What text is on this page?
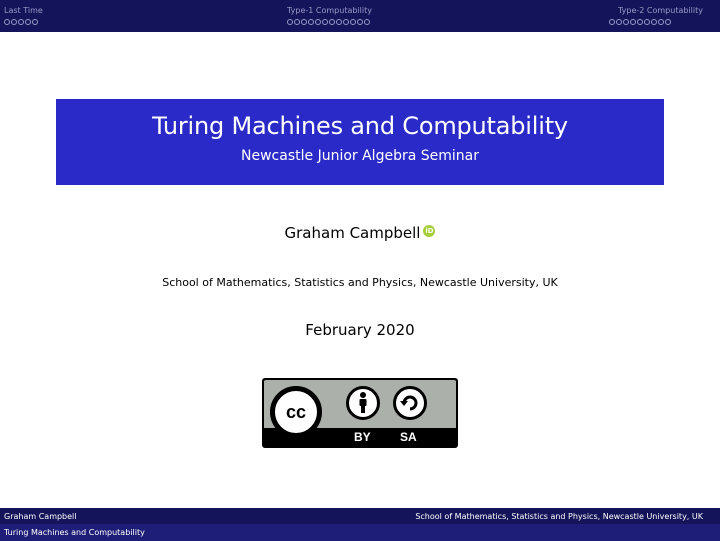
Last Time	Type-1 Computability	Type-2 Computability
Turing Machines and Computability
Newcastle Junior Algebra Seminar
Graham Campbell iD
School of Mathematics, Statistics and Physics, Newcastle University, UK
February 2020
cc
BY SA
Graham Campbell	School of Mathematics, Statistics and Physics, Newcastle University, UK
Turing Machines and Computability
